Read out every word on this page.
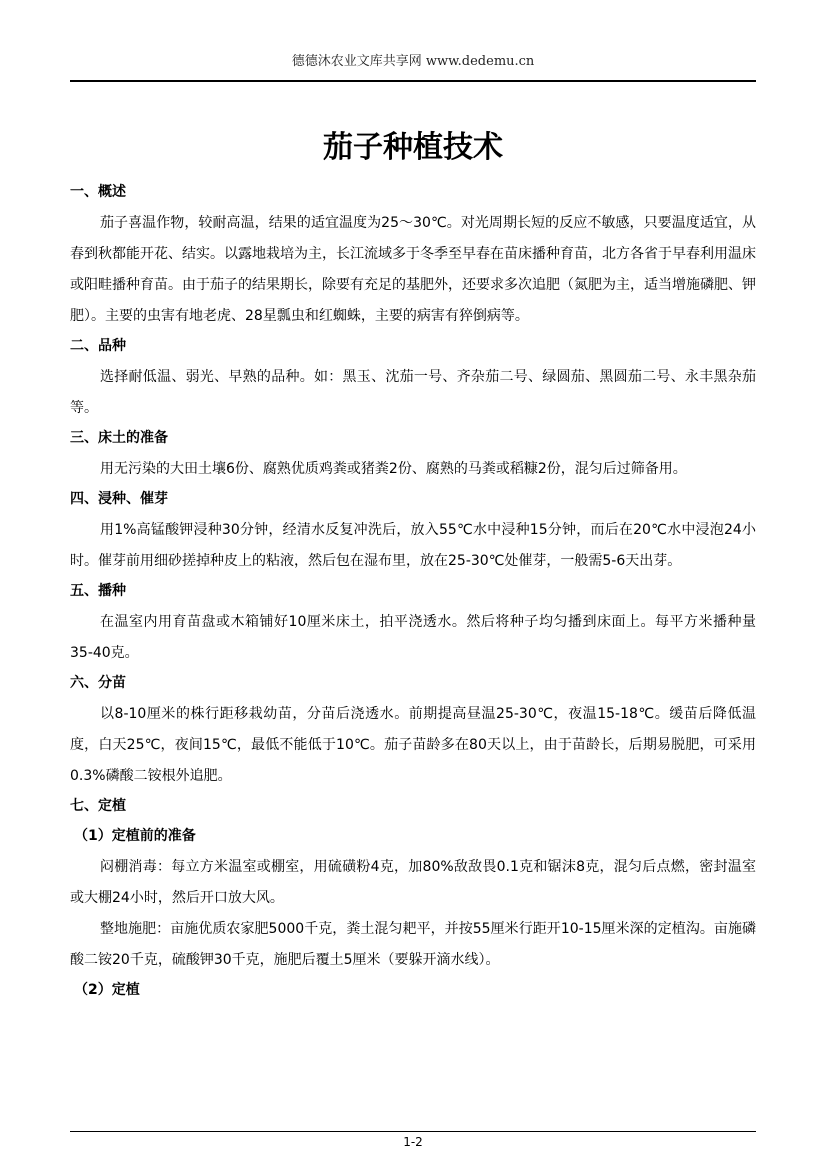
德德沐农业文库共享网 www.dedemu.cn
茄子种植技术
一、概述

茄子喜温作物，较耐高温，结果的适宜温度为25～30℃。对光周期长短的反应不敏感，只要温度适宜，从春到秋都能开花、结实。以露地栽培为主，长江流域多于冬季至早春在苗床播种育苗，北方各省于早春利用温床或阳畦播种育苗。由于茄子的结果期长，除要有充足的基肥外，还要求多次追肥（氮肥为主，适当增施磷肥、钾肥）。主要的虫害有地老虎、28星瓢虫和红蜘蛛，主要的病害有猝倒病等。

二、品种

选择耐低温、弱光、早熟的品种。如：黑玉、沈茄一号、齐杂茄二号、绿圆茄、黑圆茄二号、永丰黑杂茄等。

三、床土的准备

用无污染的大田土壤6份、腐熟优质鸡粪或猪粪2份、腐熟的马粪或稻糠2份，混匀后过筛备用。

四、浸种、催芽

用1%高锰酸钾浸种30分钟，经清水反复冲洗后，放入55℃水中浸种15分钟，而后在20℃水中浸泡24小时。催芽前用细砂搓掉种皮上的粘液，然后包在湿布里，放在25-30℃处催芽，一般需5-6天出芽。

五、播种

在温室内用育苗盘或木箱铺好10厘米床土，拍平浇透水。然后将种子均匀播到床面上。每平方米播种量35-40克。

六、分苗

以8-10厘米的株行距移栽幼苗，分苗后浇透水。前期提高昼温25-30℃，夜温15-18℃。缓苗后降低温度，白天25℃，夜间15℃，最低不能低于10℃。茄子苗龄多在80天以上，由于苗龄长，后期易脱肥，可采用0.3%磷酸二铵根外追肥。

七、定植
（1）定植前的准备

闷棚消毒：每立方米温室或棚室，用硫磺粉4克，加80%敌敌畏0.1克和锯沫8克，混匀后点燃，密封温室或大棚24小时，然后开口放大风。

整地施肥：亩施优质农家肥5000千克，粪土混匀耙平，并按55厘米行距开10-15厘米深的定植沟。亩施磷酸二铵20千克，硫酸钾30千克，施肥后覆土5厘米（要躲开滴水线）。

（2）定植
1-2
